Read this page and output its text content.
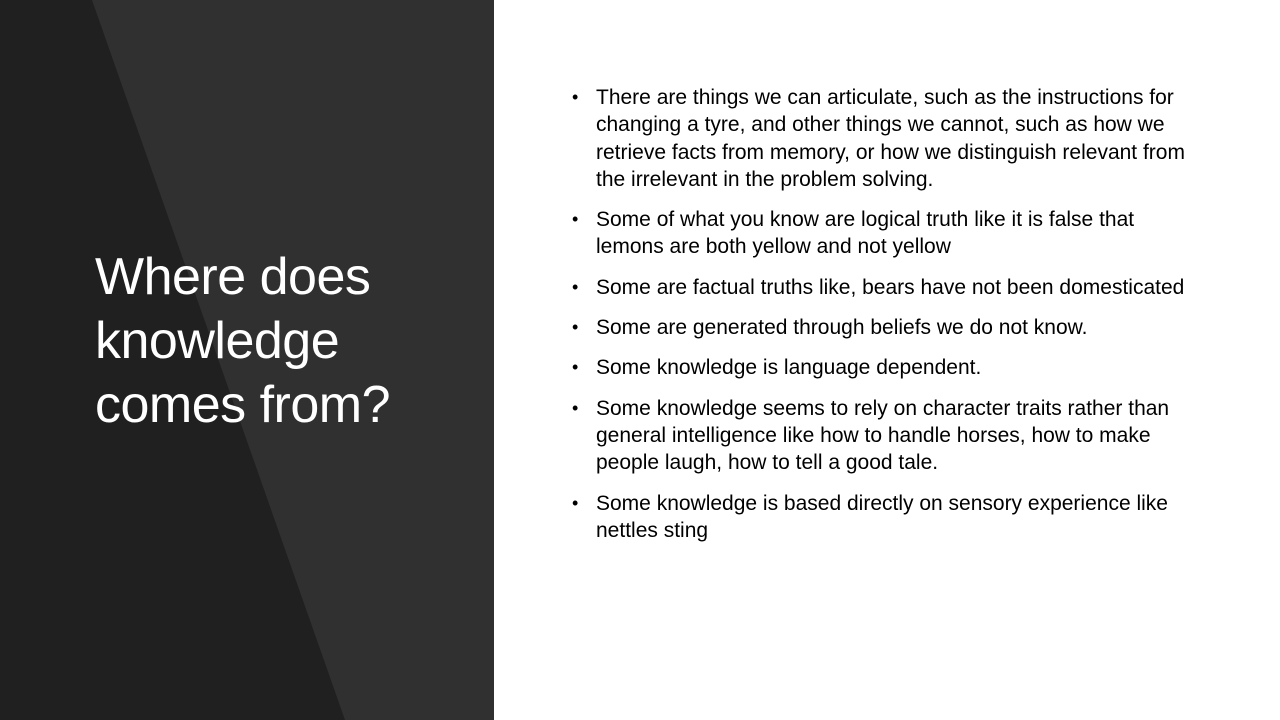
Where does
knowledge
comes from?
• There are things we can articulate, such as the instructions for changing a tyre, and other things we cannot, such as how we retrieve facts from memory, or how we distinguish relevant from the irrelevant in the problem solving.
• Some of what you know are logical truth like it is false that lemons are both yellow and not yellow
• Some are factual truths like, bears have not been domesticated
• Some are generated through beliefs we do not know.
• Some knowledge is language dependent.
• Some knowledge seems to rely on character traits rather than general intelligence like how to handle horses, how to make people laugh, how to tell a good tale.
• Some knowledge is based directly on sensory experience like nettles sting
